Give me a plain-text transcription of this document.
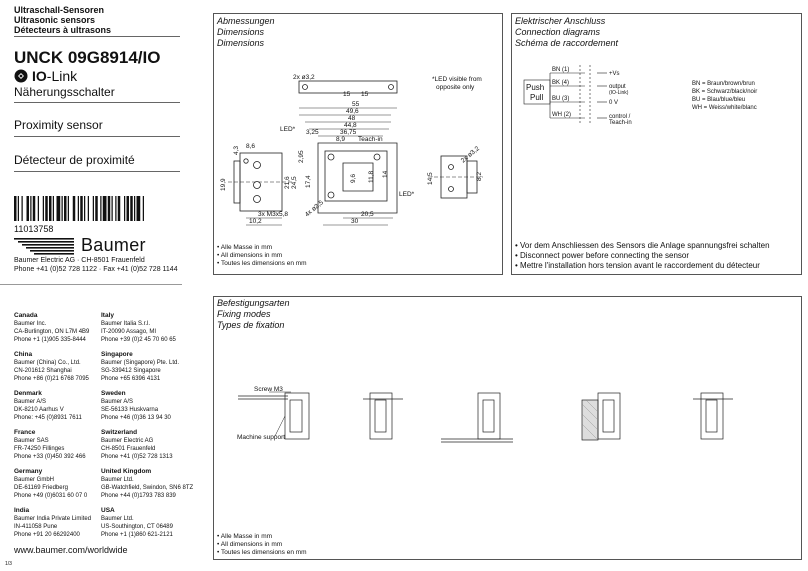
Ultraschall-Sensoren
Ultrasonic sensors
Détecteurs à ultrasons
UNCK 09G8914/IO
IO-Link
Näherungsschalter
Proximity sensor
Détecteur de proximité
11013758
Baumer
Baumer Electric AG · CH-8501 Frauenfeld
Phone +41 (0)52 728 1122 · Fax +41 (0)52 728 1144
Canada
Baumer Inc.
CA-Burlington, ON L7M 4B9
Phone +1 (1)905 335-8444
Italy
Baumer Italia S.r.l.
IT-20090 Assago, MI
Phone +39 (0)2 45 70 60 65
China
Baumer (China) Co., Ltd.
CN-201612 Shanghai
Phone +86 (0)21 6768 7095
Singapore
Baumer (Singapore) Pte. Ltd.
SG-339412 Singapore
Phone +65 6396 4131
Denmark
Baumer A/S
DK-8210 Aarhus V
Phone: +45 (0)8931 7611
Sweden
Baumer A/S
SE-56133 Huskvarna
Phone +46 (0)36 13 94 30
France
Baumer SAS
FR-74250 Fillinges
Phone +33 (0)450 392 466
Switzerland
Baumer Electric AG
CH-8501 Frauenfeld
Phone +41 (0)52 728 1313
Germany
Baumer GmbH
DE-61169 Friedberg
Phone +49 (0)6031 60 07 0
United Kingdom
Baumer Ltd.
GB-Watchfield, Swindon, SN6 8TZ
Phone +44 (0)1793 783 839
India
Baumer India Private Limited
IN-411058 Pune
Phone +91 20 66292400
USA
Baumer Ltd.
US-Southington, CT 06489
Phone +1 (1)860 621-2121
www.baumer.com/worldwide
1/3
Abmessungen
Dimensions
Dimensions
*LED visible from
opposite only
2x ø3,2
15 15
55
49,6
48
44,8
36,75
3,25
8,9 Teach-in
LED*
LED*
2,95
17,4	9,6 11,8 14
20,5
30
4x ø2,5
8,6
4,3
19,9	21,6 24,5
3x M3x5,8
10,2
2x ø3,2
14,5	8,2
• Alle Masse in mm
• All dimensions in mm
• Toutes les dimensions en mm
Elektrischer Anschluss
Connection diagrams
Schéma de raccordement
Push
Pull
BN (1)
BK (4)
BU (3)
WH (2)
+Vs
output
(IO-Link)
0 V
control /
Teach-in
BN = Braun/brown/brun
BK = Schwarz/black/noir
BU = Blau/blue/bleu
WH = Weiss/white/blanc
• Vor dem Anschliessen des Sensors die Anlage spannungsfrei schalten
• Disconnect power before connecting the sensor
• Mettre l'installation hors tension avant le raccordement du détecteur
Befestigungsarten
Fixing modes
Types de fixation
Screw M3
Machine support
• Alle Masse in mm
• All dimensions in mm
• Toutes les dimensions en mm
